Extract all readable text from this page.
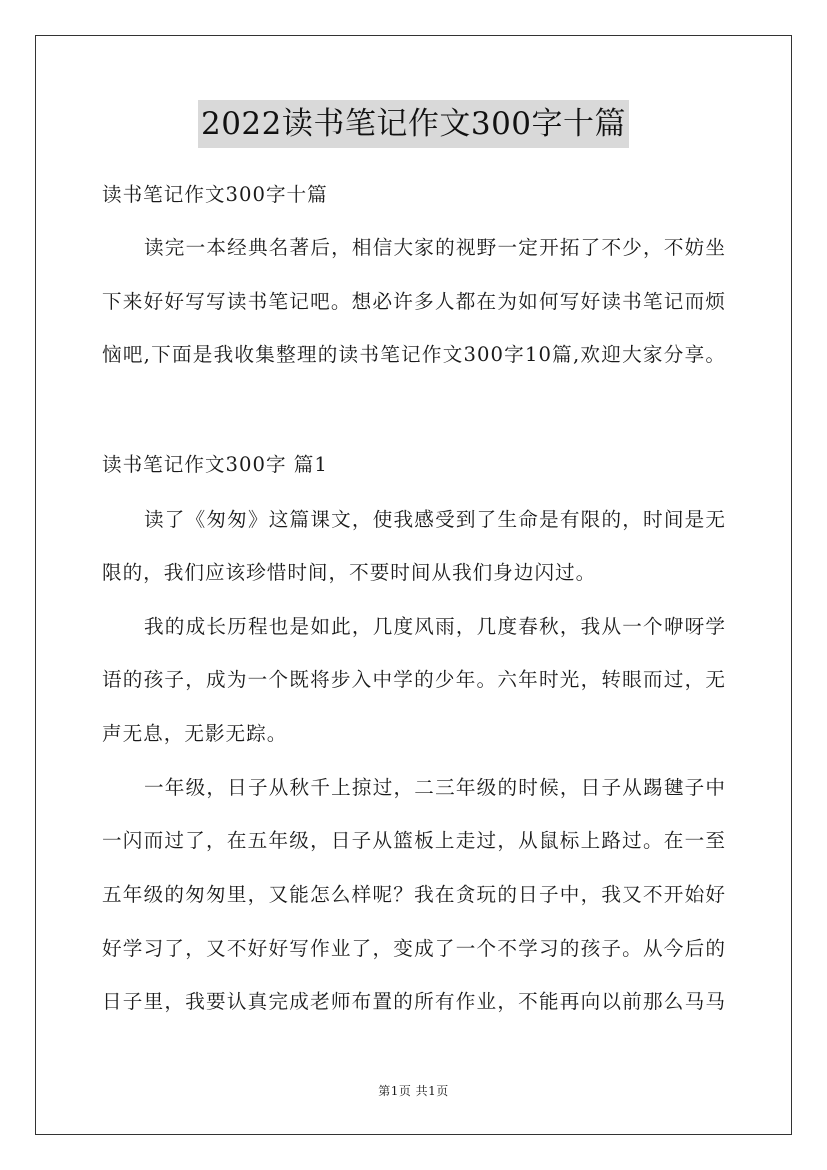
2022读书笔记作文300字十篇
读书笔记作文300字十篇
读完一本经典名著后，相信大家的视野一定开拓了不少，不妨坐
下来好好写写读书笔记吧。想必许多人都在为如何写好读书笔记而烦
恼吧,下面是我收集整理的读书笔记作文300字10篇,欢迎大家分享。
读书笔记作文300字 篇1
读了《匆匆》这篇课文，使我感受到了生命是有限的，时间是无
限的，我们应该珍惜时间，不要时间从我们身边闪过。
我的成长历程也是如此，几度风雨，几度春秋，我从一个咿呀学
语的孩子，成为一个既将步入中学的少年。六年时光，转眼而过，无
声无息，无影无踪。
一年级，日子从秋千上掠过，二三年级的时候，日子从踢毽子中
一闪而过了，在五年级，日子从篮板上走过，从鼠标上路过。在一至
五年级的匆匆里，又能怎么样呢？我在贪玩的日子中，我又不开始好
好学习了，又不好好写作业了，变成了一个不学习的孩子。从今后的
日子里，我要认真完成老师布置的所有作业，不能再向以前那么马马
第1页 共1页
